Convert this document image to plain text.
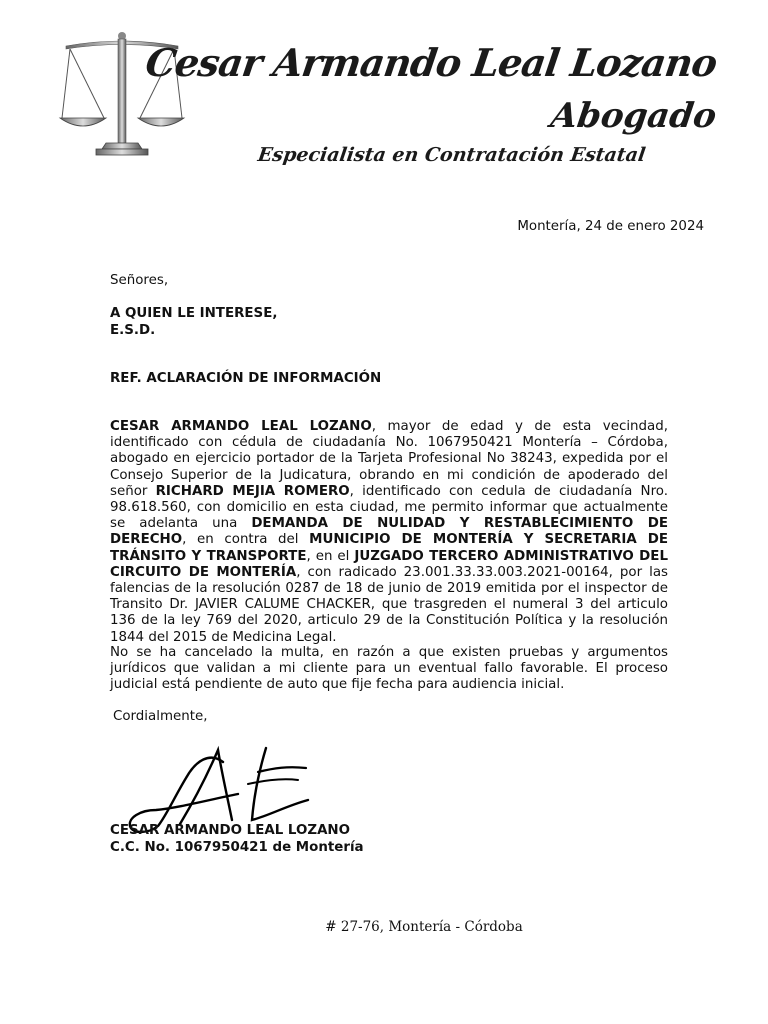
Cesar Armando Leal Lozano
Abogado
Especialista en Contratación Estatal
Montería, 24 de enero 2024
Señores,
A QUIEN LE INTERESE,
E.S.D.
REF. ACLARACIÓN DE INFORMACIÓN
CESAR ARMANDO LEAL LOZANO, mayor de edad y de esta vecindad, identificado con cédula de ciudadanía No. 1067950421 Montería – Córdoba, abogado en ejercicio portador de la Tarjeta Profesional No 38243, expedida por el Consejo Superior de la Judicatura, obrando en mi condición de apoderado del señor RICHARD MEJIA ROMERO, identificado con cedula de ciudadanía Nro. 98.618.560, con domicilio en esta ciudad, me permito informar que actualmente se adelanta una DEMANDA DE NULIDAD Y RESTABLECIMIENTO DE DERECHO, en contra del MUNICIPIO DE MONTERÍA Y SECRETARIA DE TRÁNSITO Y TRANSPORTE, en el JUZGADO TERCERO ADMINISTRATIVO DEL CIRCUITO DE MONTERÍA, con radicado 23.001.33.33.003.2021-00164, por las falencias de la resolución 0287 de 18 de junio de 2019 emitida por el inspector de Transito Dr. JAVIER CALUME CHACKER, que trasgreden el numeral 3 del articulo 136 de la ley 769 del 2020, articulo 29 de la Constitución Política y la resolución 1844 del 2015 de Medicina Legal.
No se ha cancelado la multa, en razón a que existen pruebas y argumentos jurídicos que validan a mi cliente para un eventual fallo favorable. El proceso judicial está pendiente de auto que fije fecha para audiencia inicial.
Cordialmente,
CESAR ARMANDO LEAL LOZANO
C.C. No. 1067950421 de Montería
# 27-76, Montería - Córdoba
